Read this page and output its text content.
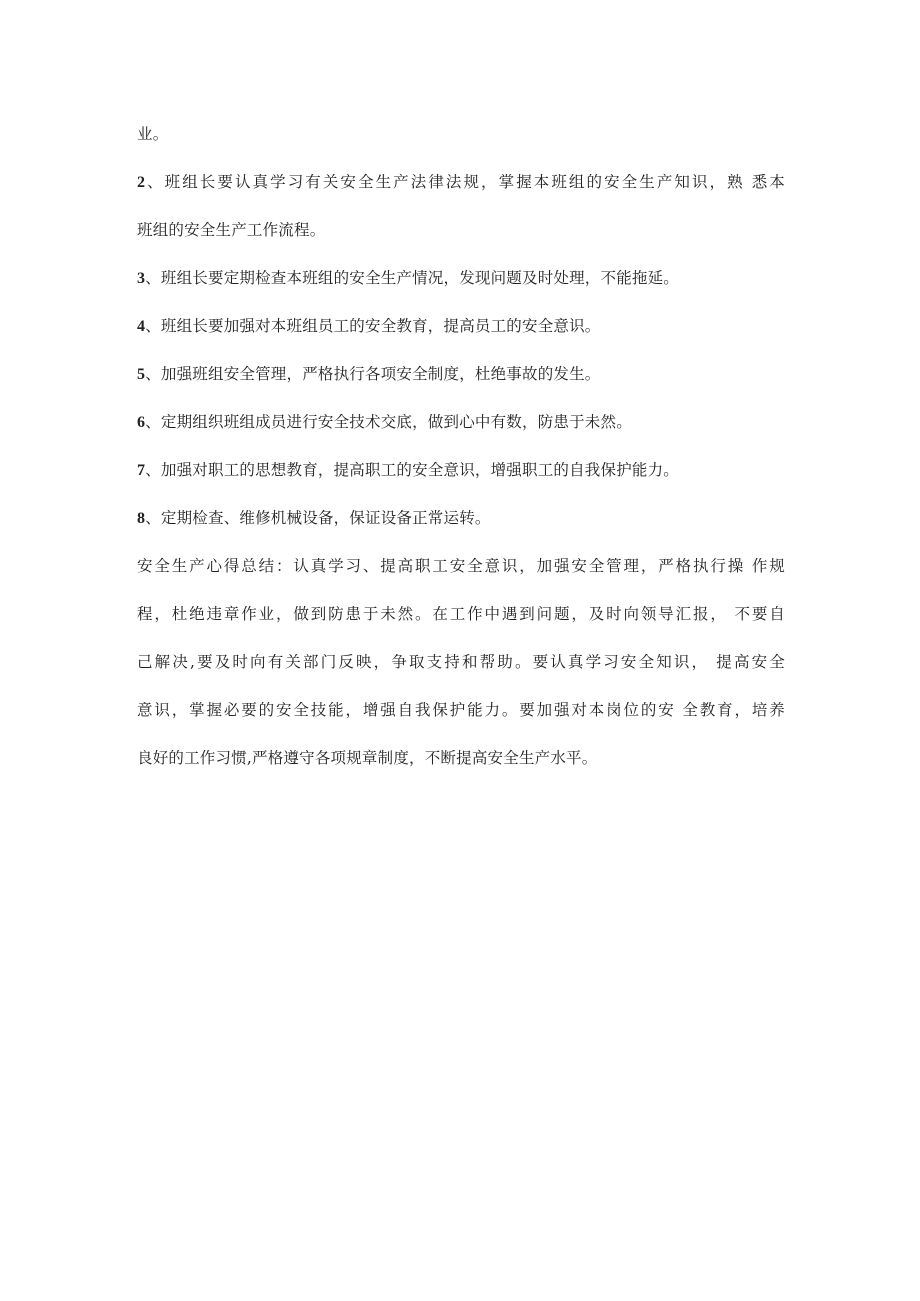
业。
2、班组长要认真学习有关安全生产法律法规，掌握本班组的安全生产知识，熟 悉本
班组的安全生产工作流程。
3、班组长要定期检查本班组的安全生产情况，发现问题及时处理，不能拖延。
4、班组长要加强对本班组员工的安全教育，提高员工的安全意识。
5、加强班组安全管理，严格执行各项安全制度，杜绝事故的发生。
6、定期组织班组成员进行安全技术交底，做到心中有数，防患于未然。
7、加强对职工的思想教育，提高职工的安全意识，增强职工的自我保护能力。
8、定期检查、维修机械设备，保证设备正常运转。
安全生产心得总结：认真学习、提高职工安全意识，加强安全管理，严格执行操 作规
程，杜绝违章作业，做到防患于未然。在工作中遇到问题，及时向领导汇报， 不要自
己解决,要及时向有关部门反映，争取支持和帮助。要认真学习安全知识， 提高安全
意识，掌握必要的安全技能，增强自我保护能力。要加强对本岗位的安 全教育，培养
良好的工作习惯,严格遵守各项规章制度，不断提高安全生产水平。
